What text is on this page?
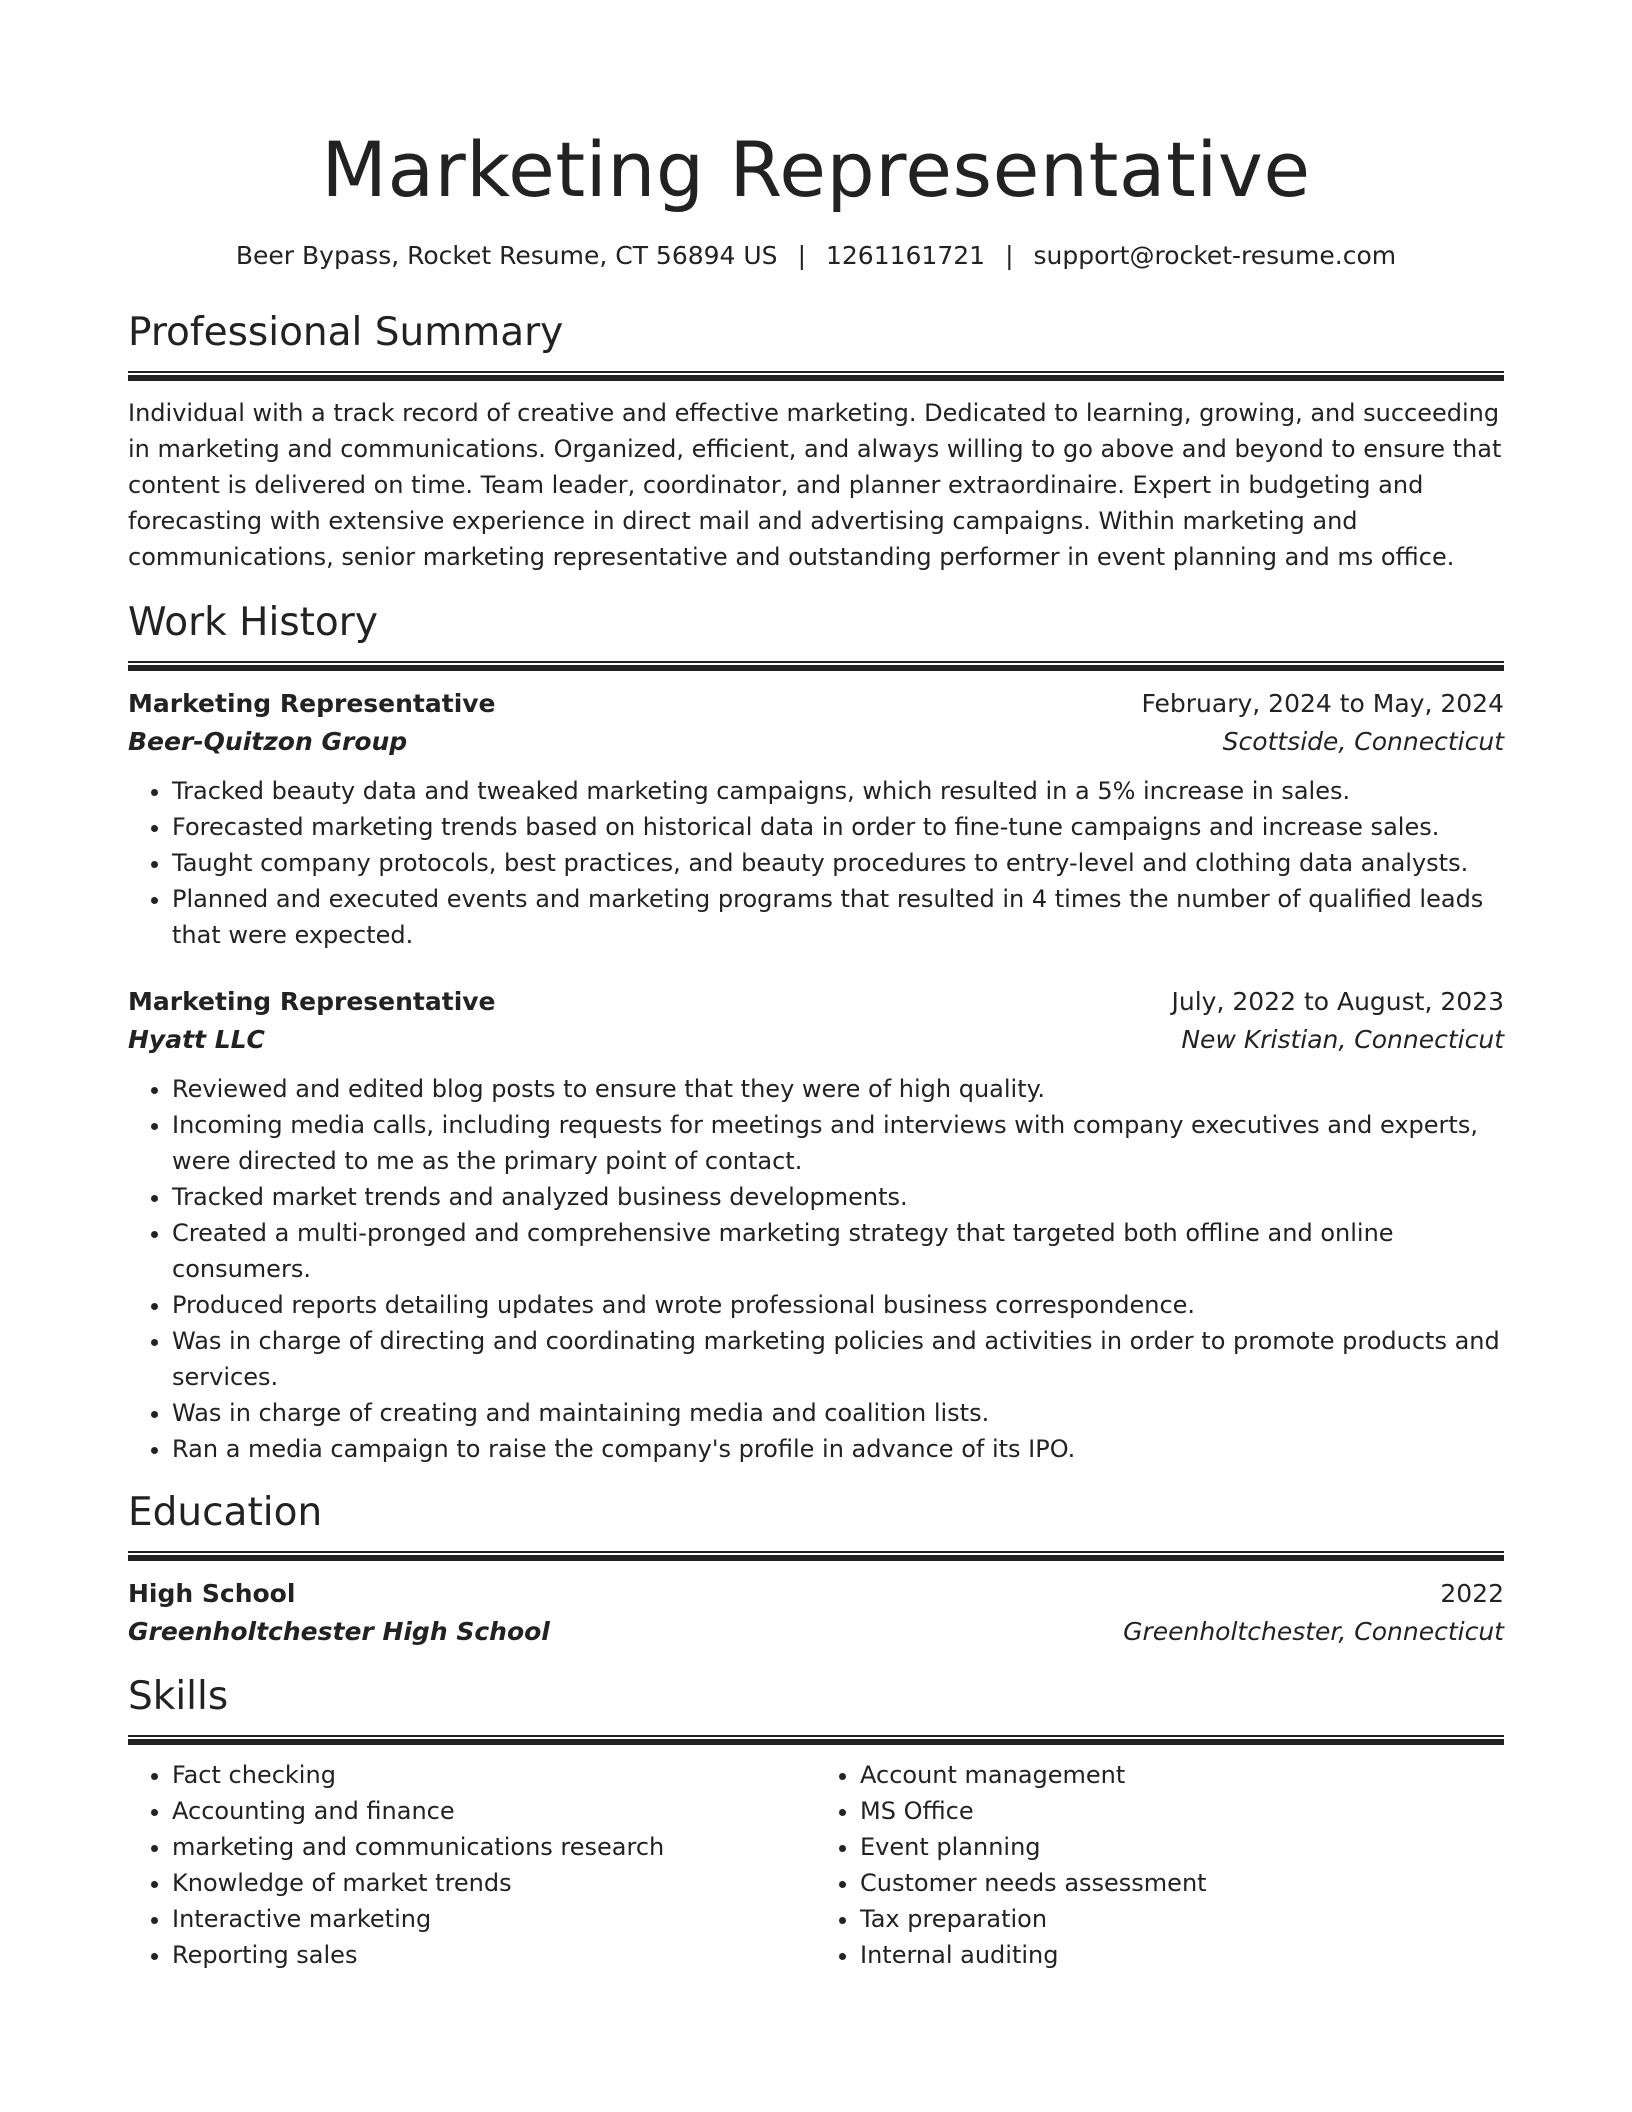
Marketing Representative
Beer Bypass, Rocket Resume, CT 56894 US | 1261161721 | support@rocket-resume.com
Professional Summary
Individual with a track record of creative and effective marketing. Dedicated to learning, growing, and succeeding in marketing and communications. Organized, efficient, and always willing to go above and beyond to ensure that content is delivered on time. Team leader, coordinator, and planner extraordinaire. Expert in budgeting and forecasting with extensive experience in direct mail and advertising campaigns. Within marketing and communications, senior marketing representative and outstanding performer in event planning and ms office.
Work History
Marketing Representative	February, 2024 to May, 2024
Beer-Quitzon Group	Scottside, Connecticut
• Tracked beauty data and tweaked marketing campaigns, which resulted in a 5% increase in sales.
• Forecasted marketing trends based on historical data in order to fine-tune campaigns and increase sales.
• Taught company protocols, best practices, and beauty procedures to entry-level and clothing data analysts.
• Planned and executed events and marketing programs that resulted in 4 times the number of qualified leads that were expected.
Marketing Representative	July, 2022 to August, 2023
Hyatt LLC	New Kristian, Connecticut
• Reviewed and edited blog posts to ensure that they were of high quality.
• Incoming media calls, including requests for meetings and interviews with company executives and experts, were directed to me as the primary point of contact.
• Tracked market trends and analyzed business developments.
• Created a multi-pronged and comprehensive marketing strategy that targeted both offline and online consumers.
• Produced reports detailing updates and wrote professional business correspondence.
• Was in charge of directing and coordinating marketing policies and activities in order to promote products and services.
• Was in charge of creating and maintaining media and coalition lists.
• Ran a media campaign to raise the company's profile in advance of its IPO.
Education
High School	2022
Greenholtchester High School	Greenholtchester, Connecticut
Skills
• Fact checking
• Accounting and finance
• marketing and communications research
• Knowledge of market trends
• Interactive marketing
• Reporting sales
• Account management
• MS Office
• Event planning
• Customer needs assessment
• Tax preparation
• Internal auditing
